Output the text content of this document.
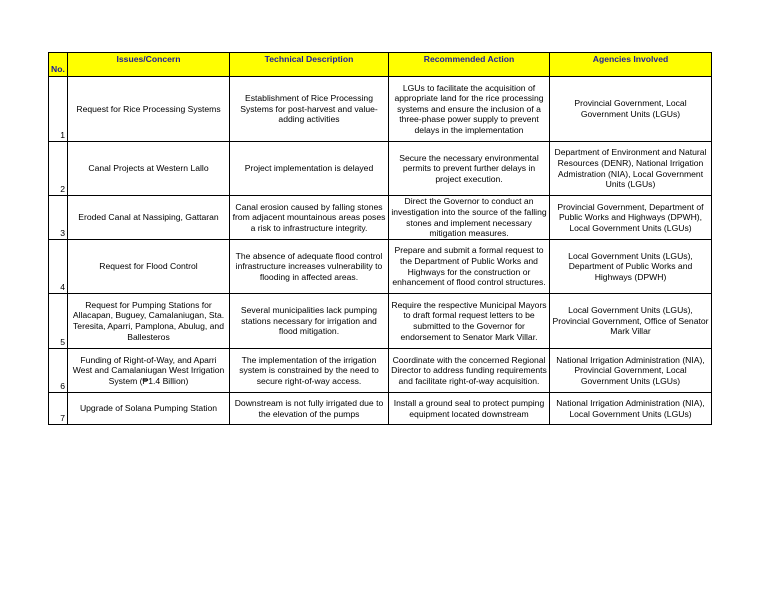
No.	Issues/Concern	Technical Description	Recommended Action	Agencies Involved
1	Request for Rice Processing Systems	Establishment of Rice Processing Systems for post-harvest and value-adding activities	LGUs to facilitate the acquisition of appropriate land for the rice processing systems and ensure the inclusion of a three-phase power supply to prevent delays in the implementation	Provincial Government, Local Government Units (LGUs)
2	Canal Projects at Western Lallo	Project implementation is delayed	Secure the necessary environmental permits to prevent further delays in project execution.	Department of Environment and Natural Resources (DENR), National Irrigation Admistration (NIA), Local Government Units (LGUs)
3	Eroded Canal at Nassiping, Gattaran	Canal erosion caused by falling stones from adjacent mountainous areas poses a risk to infrastructure integrity.	Direct the Governor to conduct an investigation into the source of the falling stones and implement necessary mitigation measures.	Provincial Government, Department of Public Works and Highways (DPWH), Local Government Units (LGUs)
4	Request for Flood Control	The absence of adequate flood control infrastructure increases vulnerability to flooding in affected areas.	Prepare and submit a formal request to the Department of Public Works and Highways for the construction or enhancement of flood control structures.	Local Government Units (LGUs), Department of Public Works and Highways (DPWH)
5	Request for Pumping Stations for Allacapan, Buguey, Camalaniugan, Sta. Teresita, Aparri, Pamplona, Abulug, and Ballesteros	Several municipalities lack pumping stations necessary for irrigation and flood mitigation.	Require the respective Municipal Mayors to draft formal request letters to be submitted to the Governor for endorsement to Senator Mark Villar.	Local Government Units (LGUs), Provincial Government, Office of Senator Mark Villar
6	Funding of Right-of-Way, and Aparri West and Camalaniugan West Irrigation System (₱1.4 Billion)	The implementation of the irrigation system is constrained by the need to secure right-of-way access.	Coordinate with the concerned Regional Director to address funding requirements and facilitate right-of-way acquisition.	National Irrigation Administration (NIA), Provincial Government, Local Government Units (LGUs)
7	Upgrade of Solana Pumping Station	Downstream is not fully irrigated due to the elevation of the pumps	Install a ground seal to protect pumping equipment located downstream	National Irrigation Administration (NIA), Local Government Units (LGUs)
